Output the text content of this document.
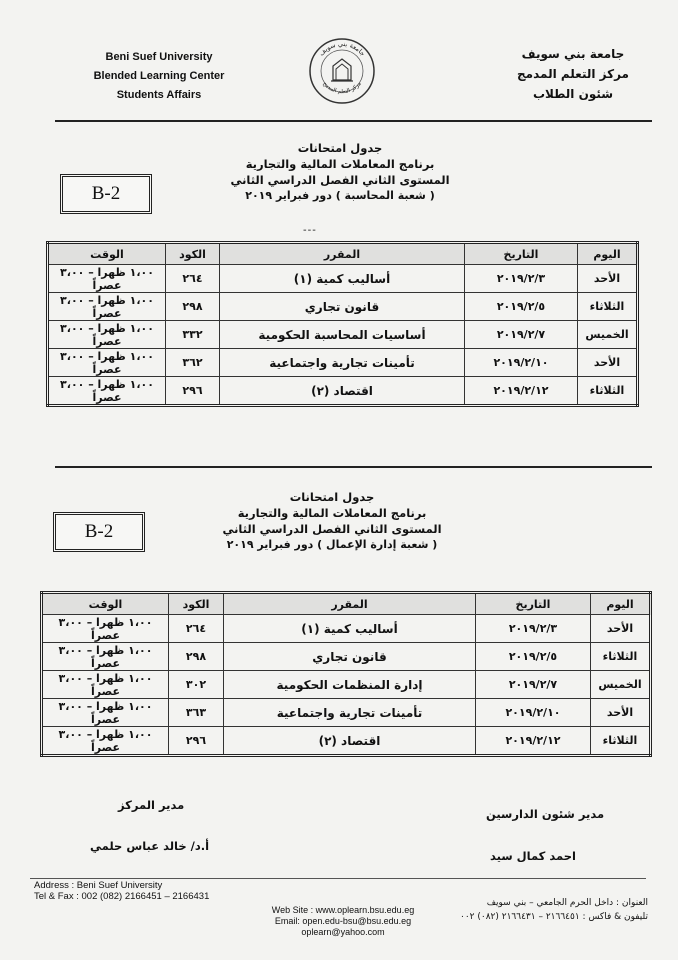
Beni Suef University
Blended Learning Center
Students Affairs
جامعة بني سويف
مركز التعلم المدمج
جامعة بني سويف
مركز التعلم المدمج
شئون الطلاب
B-2
جدول امتحانات
برنامج المعاملات المالية والتجارية
المستوى الثاني الفصل الدراسي الثاني
( شعبة المحاسبة ) دور فبراير ٢٠١٩
---
اليوم	التاريخ	المقرر	الكود	الوقت
الأحد	٢٠١٩/٢/٣	أساليب كمية (١)	٢٦٤	١،٠٠ ظهرا – ٣،٠٠ عصراً
الثلاثاء	٢٠١٩/٢/٥	قانون تجاري	٢٩٨	١،٠٠ ظهرا – ٣،٠٠ عصراً
الخميس	٢٠١٩/٢/٧	أساسيات المحاسبة الحكومية	٣٣٢	١،٠٠ ظهرا – ٣،٠٠ عصراً
الأحد	٢٠١٩/٢/١٠	تأمينات تجارية واجتماعية	٣٦٢	١،٠٠ ظهرا – ٣،٠٠ عصراً
الثلاثاء	٢٠١٩/٢/١٢	اقتصاد (٢)	٢٩٦	١،٠٠ ظهرا – ٣،٠٠ عصراً
B-2
جدول امتحانات
برنامج المعاملات المالية والتجارية
المستوى الثاني الفصل الدراسي الثاني
( شعبة إدارة الإعمال ) دور فبراير ٢٠١٩
اليوم	التاريخ	المقرر	الكود	الوقت
الأحد	٢٠١٩/٢/٣	أساليب كمية (١)	٢٦٤	١،٠٠ ظهرا – ٣،٠٠ عصراً
الثلاثاء	٢٠١٩/٢/٥	قانون تجاري	٢٩٨	١،٠٠ ظهرا – ٣،٠٠ عصراً
الخميس	٢٠١٩/٢/٧	إدارة المنظمات الحكومية	٣٠٢	١،٠٠ ظهرا – ٣،٠٠ عصراً
الأحد	٢٠١٩/٢/١٠	تأمينات تجارية واجتماعية	٣٦٣	١،٠٠ ظهرا – ٣،٠٠ عصراً
الثلاثاء	٢٠١٩/٢/١٢	اقتصاد (٢)	٢٩٦	١،٠٠ ظهرا – ٣،٠٠ عصراً
مدير المركز
أ.د/ خالد عباس حلمي
مدير شئون الدارسين
احمد كمال سيد
Address : Beni Suef University
Tel & Fax : 002 (082) 2166451 – 2166431
Web Site : www.oplearn.bsu.edu.eg
Email: open.edu-bsu@bsu.edu.eg
oplearn@yahoo.com
العنوان : داخل الحرم الجامعي – بني سويف
تليفون & فاكس : ٢١٦٦٤٥١ – ٢١٦٦٤٣١ (٠٨٢) ٠٠٢
